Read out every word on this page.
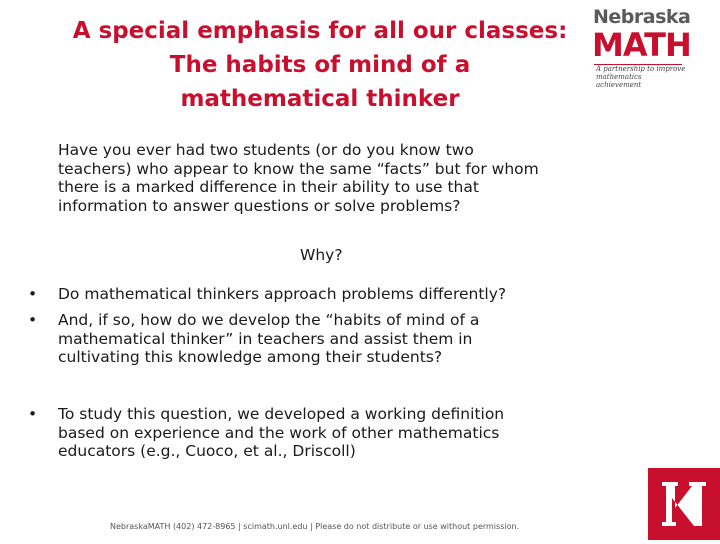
A special emphasis for all our classes:
The habits of mind of a
mathematical thinker
Nebraska
MATH
A partnership to improve
mathematics achievement
Have you ever had two students (or do you know two
teachers) who appear to know the same “facts” but for whom
there is a marked difference in their ability to use that
information to answer questions or solve problems?
Why?
• Do mathematical thinkers approach problems differently?
• And, if so, how do we develop the “habits of mind of a
mathematical thinker” in teachers and assist them in
cultivating this knowledge among their students?
• To study this question, we developed a working definition
based on experience and the work of other mathematics
educators (e.g., Cuoco, et al., Driscoll)
NebraskaMATH (402) 472-8965 | scimath.unl.edu | Please do not distribute or use without permission.
